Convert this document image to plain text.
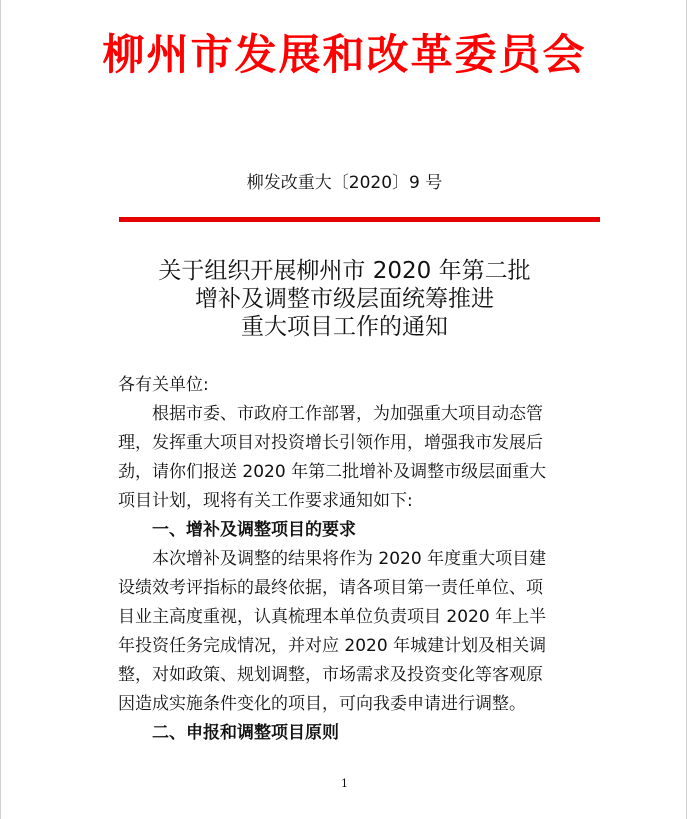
柳州市发展和改革委员会
柳发改重大〔2020〕9 号
关于组织开展柳州市 2020 年第二批
增补及调整市级层面统筹推进
重大项目工作的通知
各有关单位:
根据市委、市政府工作部署，为加强重大项目动态管
理，发挥重大项目对投资增长引领作用，增强我市发展后
劲，请你们报送 2020 年第二批增补及调整市级层面重大
项目计划，现将有关工作要求通知如下:
一、增补及调整项目的要求
本次增补及调整的结果将作为 2020 年度重大项目建
设绩效考评指标的最终依据，请各项目第一责任单位、项
目业主高度重视，认真梳理本单位负责项目 2020 年上半
年投资任务完成情况，并对应 2020 年城建计划及相关调
整，对如政策、规划调整，市场需求及投资变化等客观原
因造成实施条件变化的项目，可向我委申请进行调整。
二、申报和调整项目原则
1
